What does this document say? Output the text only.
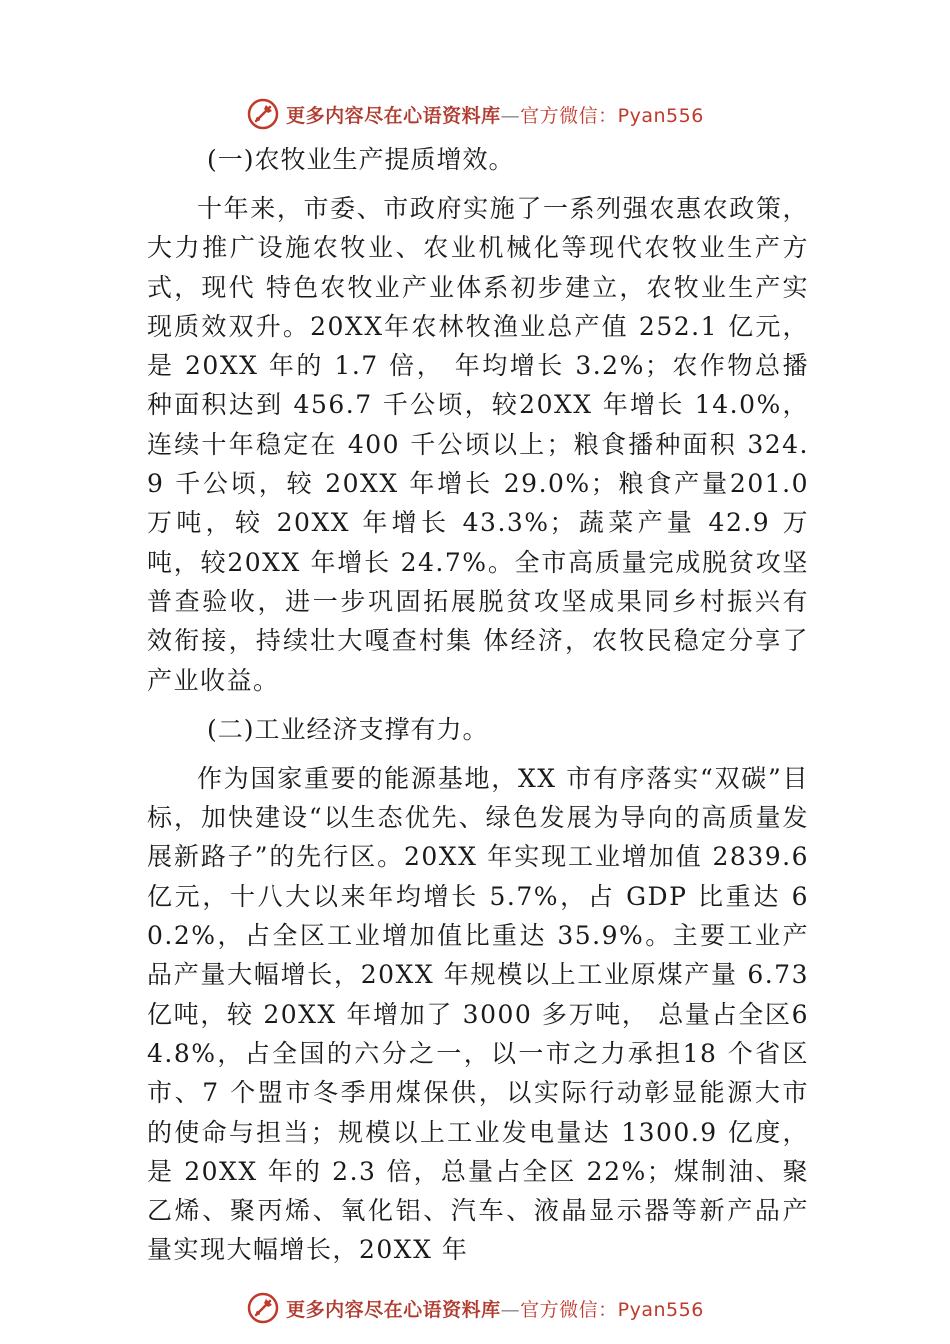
更多内容尽在心语资料库—官方微信：Pyan556
(一)农牧业生产提质增效。

十年来，市委、市政府实施了一系列强农惠农政策，大力推广设施农牧业、农业机械化等现代农牧业生产方式，现代 特色农牧业产业体系初步建立，农牧业生产实现质效双升。20XX年农林牧渔业总产值 252.1 亿元，是 20XX 年的 1.7 倍， 年均增长 3.2%；农作物总播种面积达到 456.7 千公顷，较20XX 年增长 14.0%，连续十年稳定在 400 千公顷以上；粮食播种面积 324.9 千公顷，较 20XX 年增长 29.0%；粮食产量201.0 万吨，较 20XX 年增长 43.3%；蔬菜产量 42.9 万吨，较20XX 年增长 24.7%。全市高质量完成脱贫攻坚普查验收，进一步巩固拓展脱贫攻坚成果同乡村振兴有效衔接，持续壮大嘎查村集 体经济，农牧民稳定分享了产业收益。

(二)工业经济支撑有力。

作为国家重要的能源基地，XX 市有序落实“双碳”目标，加快建设“以生态优先、绿色发展为导向的高质量发展新路子”的先行区。20XX 年实现工业增加值 2839.6 亿元，十八大以来年均增长 5.7%，占 GDP 比重达 60.2%，占全区工业增加值比重达 35.9%。主要工业产品产量大幅增长，20XX 年规模以上工业原煤产量 6.73 亿吨，较 20XX 年增加了 3000 多万吨， 总量占全区64.8%，占全国的六分之一，以一市之力承担18 个省区市、7 个盟市冬季用煤保供，以实际行动彰显能源大市的使命与担当；规模以上工业发电量达 1300.9 亿度，是 20XX 年的 2.3 倍，总量占全区 22%；煤制油、聚乙烯、聚丙烯、氧化铝、汽车、液晶显示器等新产品产量实现大幅增长，20XX 年

更多内容尽在心语资料库—官方微信：Pyan556
